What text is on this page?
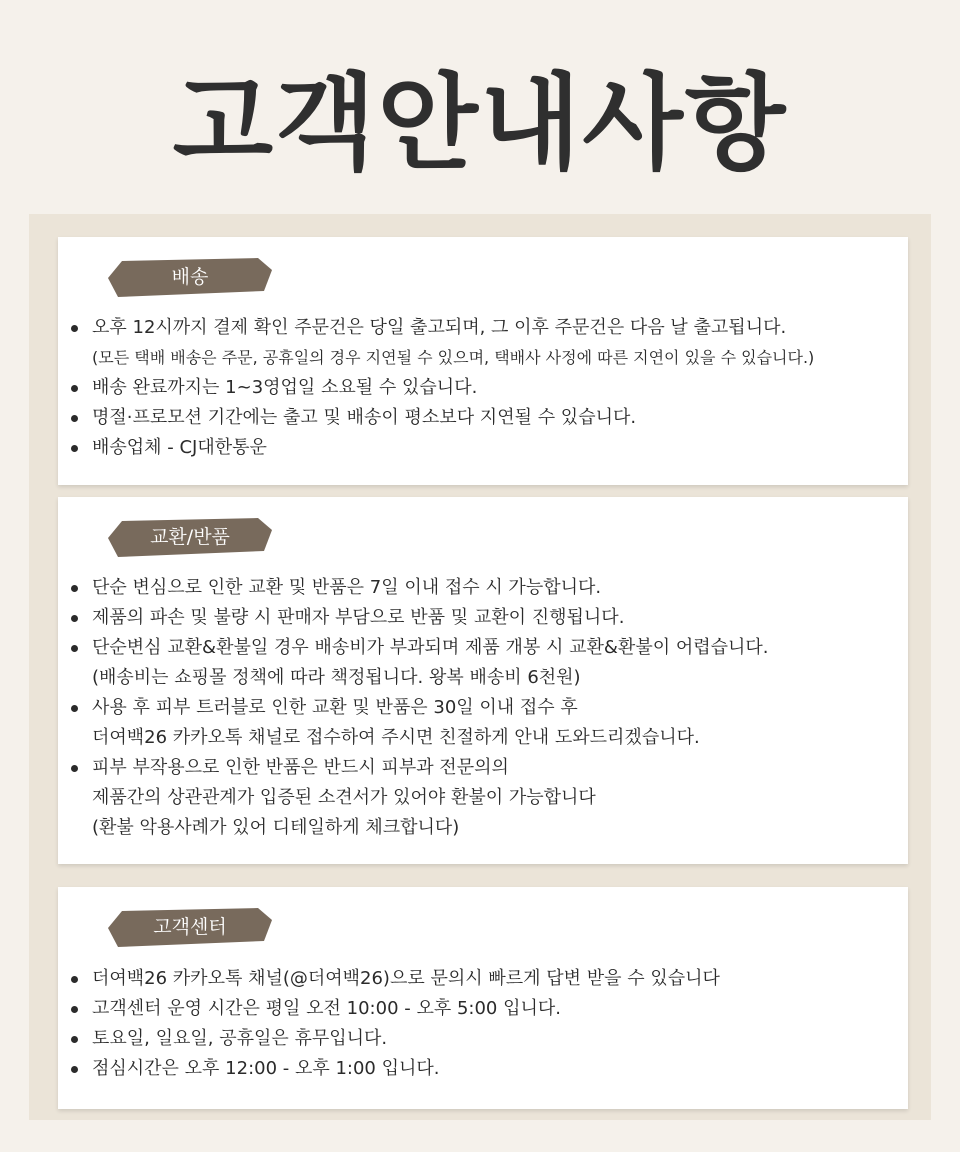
고객안내사항
배송
오후 12시까지 결제 확인 주문건은 당일 출고되며, 그 이후 주문건은 다음 날 출고됩니다.
(모든 택배 배송은 주문, 공휴일의 경우 지연될 수 있으며, 택배사 사정에 따른 지연이 있을 수 있습니다.)
배송 완료까지는 1~3영업일 소요될 수 있습니다.
명절·프로모션 기간에는 출고 및 배송이 평소보다 지연될 수 있습니다.
배송업체 - CJ대한통운
교환/반품
단순 변심으로 인한 교환 및 반품은 7일 이내 접수 시 가능합니다.
제품의 파손 및 불량 시 판매자 부담으로 반품 및 교환이 진행됩니다.
단순변심 교환&환불일 경우 배송비가 부과되며 제품 개봉 시 교환&환불이 어렵습니다.
(배송비는 쇼핑몰 정책에 따라 책정됩니다. 왕복 배송비 6천원)
사용 후 피부 트러블로 인한 교환 및 반품은 30일 이내 접수 후
더여백26 카카오톡 채널로 접수하여 주시면 친절하게 안내 도와드리겠습니다.
피부 부작용으로 인한 반품은 반드시 피부과 전문의의
제품간의 상관관계가 입증된 소견서가 있어야 환불이 가능합니다
(환불 악용사례가 있어 디테일하게 체크합니다)
고객센터
더여백26 카카오톡 채널(@더여백26)으로 문의시 빠르게 답변 받을 수 있습니다
고객센터 운영 시간은 평일 오전 10:00 - 오후 5:00 입니다.
토요일, 일요일, 공휴일은 휴무입니다.
점심시간은 오후 12:00 - 오후 1:00 입니다.
